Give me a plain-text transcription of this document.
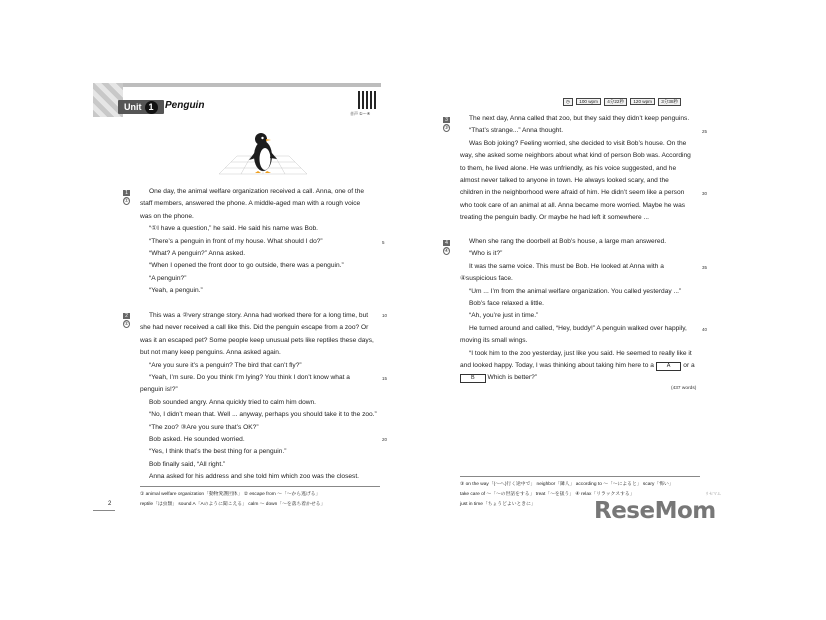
Unit 1	Penguin
音声 ①〜④
1
①
One day, the animal welfare organization received a call. Anna, one of the
staff members, answered the phone. A middle-aged man with a rough voice
was on the phone.
“①I have a question,” he said. He said his name was Bob.
“There’s a penguin in front of my house. What should I do?”
“What? A penguin?” Anna asked.
“When I opened the front door to go outside, there was a penguin.”
“A penguin?”
“Yeah, a penguin.”
5
2
②
This was a ②very strange story. Anna had worked there for a long time, but
she had never received a call like this. Did the penguin escape from a zoo? Or
was it an escaped pet? Some people keep unusual pets like reptiles these days,
but not many keep penguins. Anna asked again.
“Are you sure it’s a penguin? The bird that can’t fly?”
“Yeah, I’m sure. Do you think I’m lying? You think I don’t know what a
penguin is!?”
Bob sounded angry. Anna quickly tried to calm him down.
“No, I didn’t mean that. Well ... anyway, perhaps you should take it to the zoo.”
“The zoo? ③Are you sure that’s OK?”
Bob asked. He sounded worried.
“Yes, I think that’s the best thing for a penguin.”
Bob finally said, “All right.”
Anna asked for his address and she told him which zoo was the closest.
10
15
20
① animal welfare organization「動物愛護団体」 ② escape from ～「～から逃げる」
reptile「は虫類」 sound A「Aのように聞こえる」 calm ～ down「～を落ち着かせる」
2
◷ 100 wpm 4分22秒 120 wpm 3分38秒
3
③
The next day, Anna called that zoo, but they said they didn’t keep penguins.
“That’s strange...” Anna thought.
Was Bob joking? Feeling worried, she decided to visit Bob’s house. On the
way, she asked some neighbors about what kind of person Bob was. According
to them, he lived alone. He was unfriendly, as his voice suggested, and he
almost never talked to anyone in town. He always looked scary, and the
children in the neighborhood were afraid of him. He didn’t seem like a person
who took care of an animal at all. Anna became more worried. Maybe he was
treating the penguin badly. Or maybe he had left it somewhere ...
25
30
4
④
When she rang the doorbell at Bob’s house, a large man answered.
“Who is it?”
It was the same voice. This must be Bob. He looked at Anna with a
④suspicious face.
“Um ... I’m from the animal welfare organization. You called yesterday ...”
Bob’s face relaxed a little.
“Ah, you’re just in time.”
He turned around and called, “Hey, buddy!” A penguin walked over happily,
moving its small wings.
“I took him to the zoo yesterday, just like you said. He seemed to really like it
and looked happy. Today, I was thinking about taking him here to a A or a
B Which is better?”
35
40
(437 words)
③ on the way「(～へ)行く途中で」 neighbor「隣人」 according to ～「～によると」 scary「怖い」
take care of ～「～の世話をする」 treat「～を扱う」 ④ relax「リラックスする」
just in time「ちょうどよいときに」
リセマム
ReseMom
